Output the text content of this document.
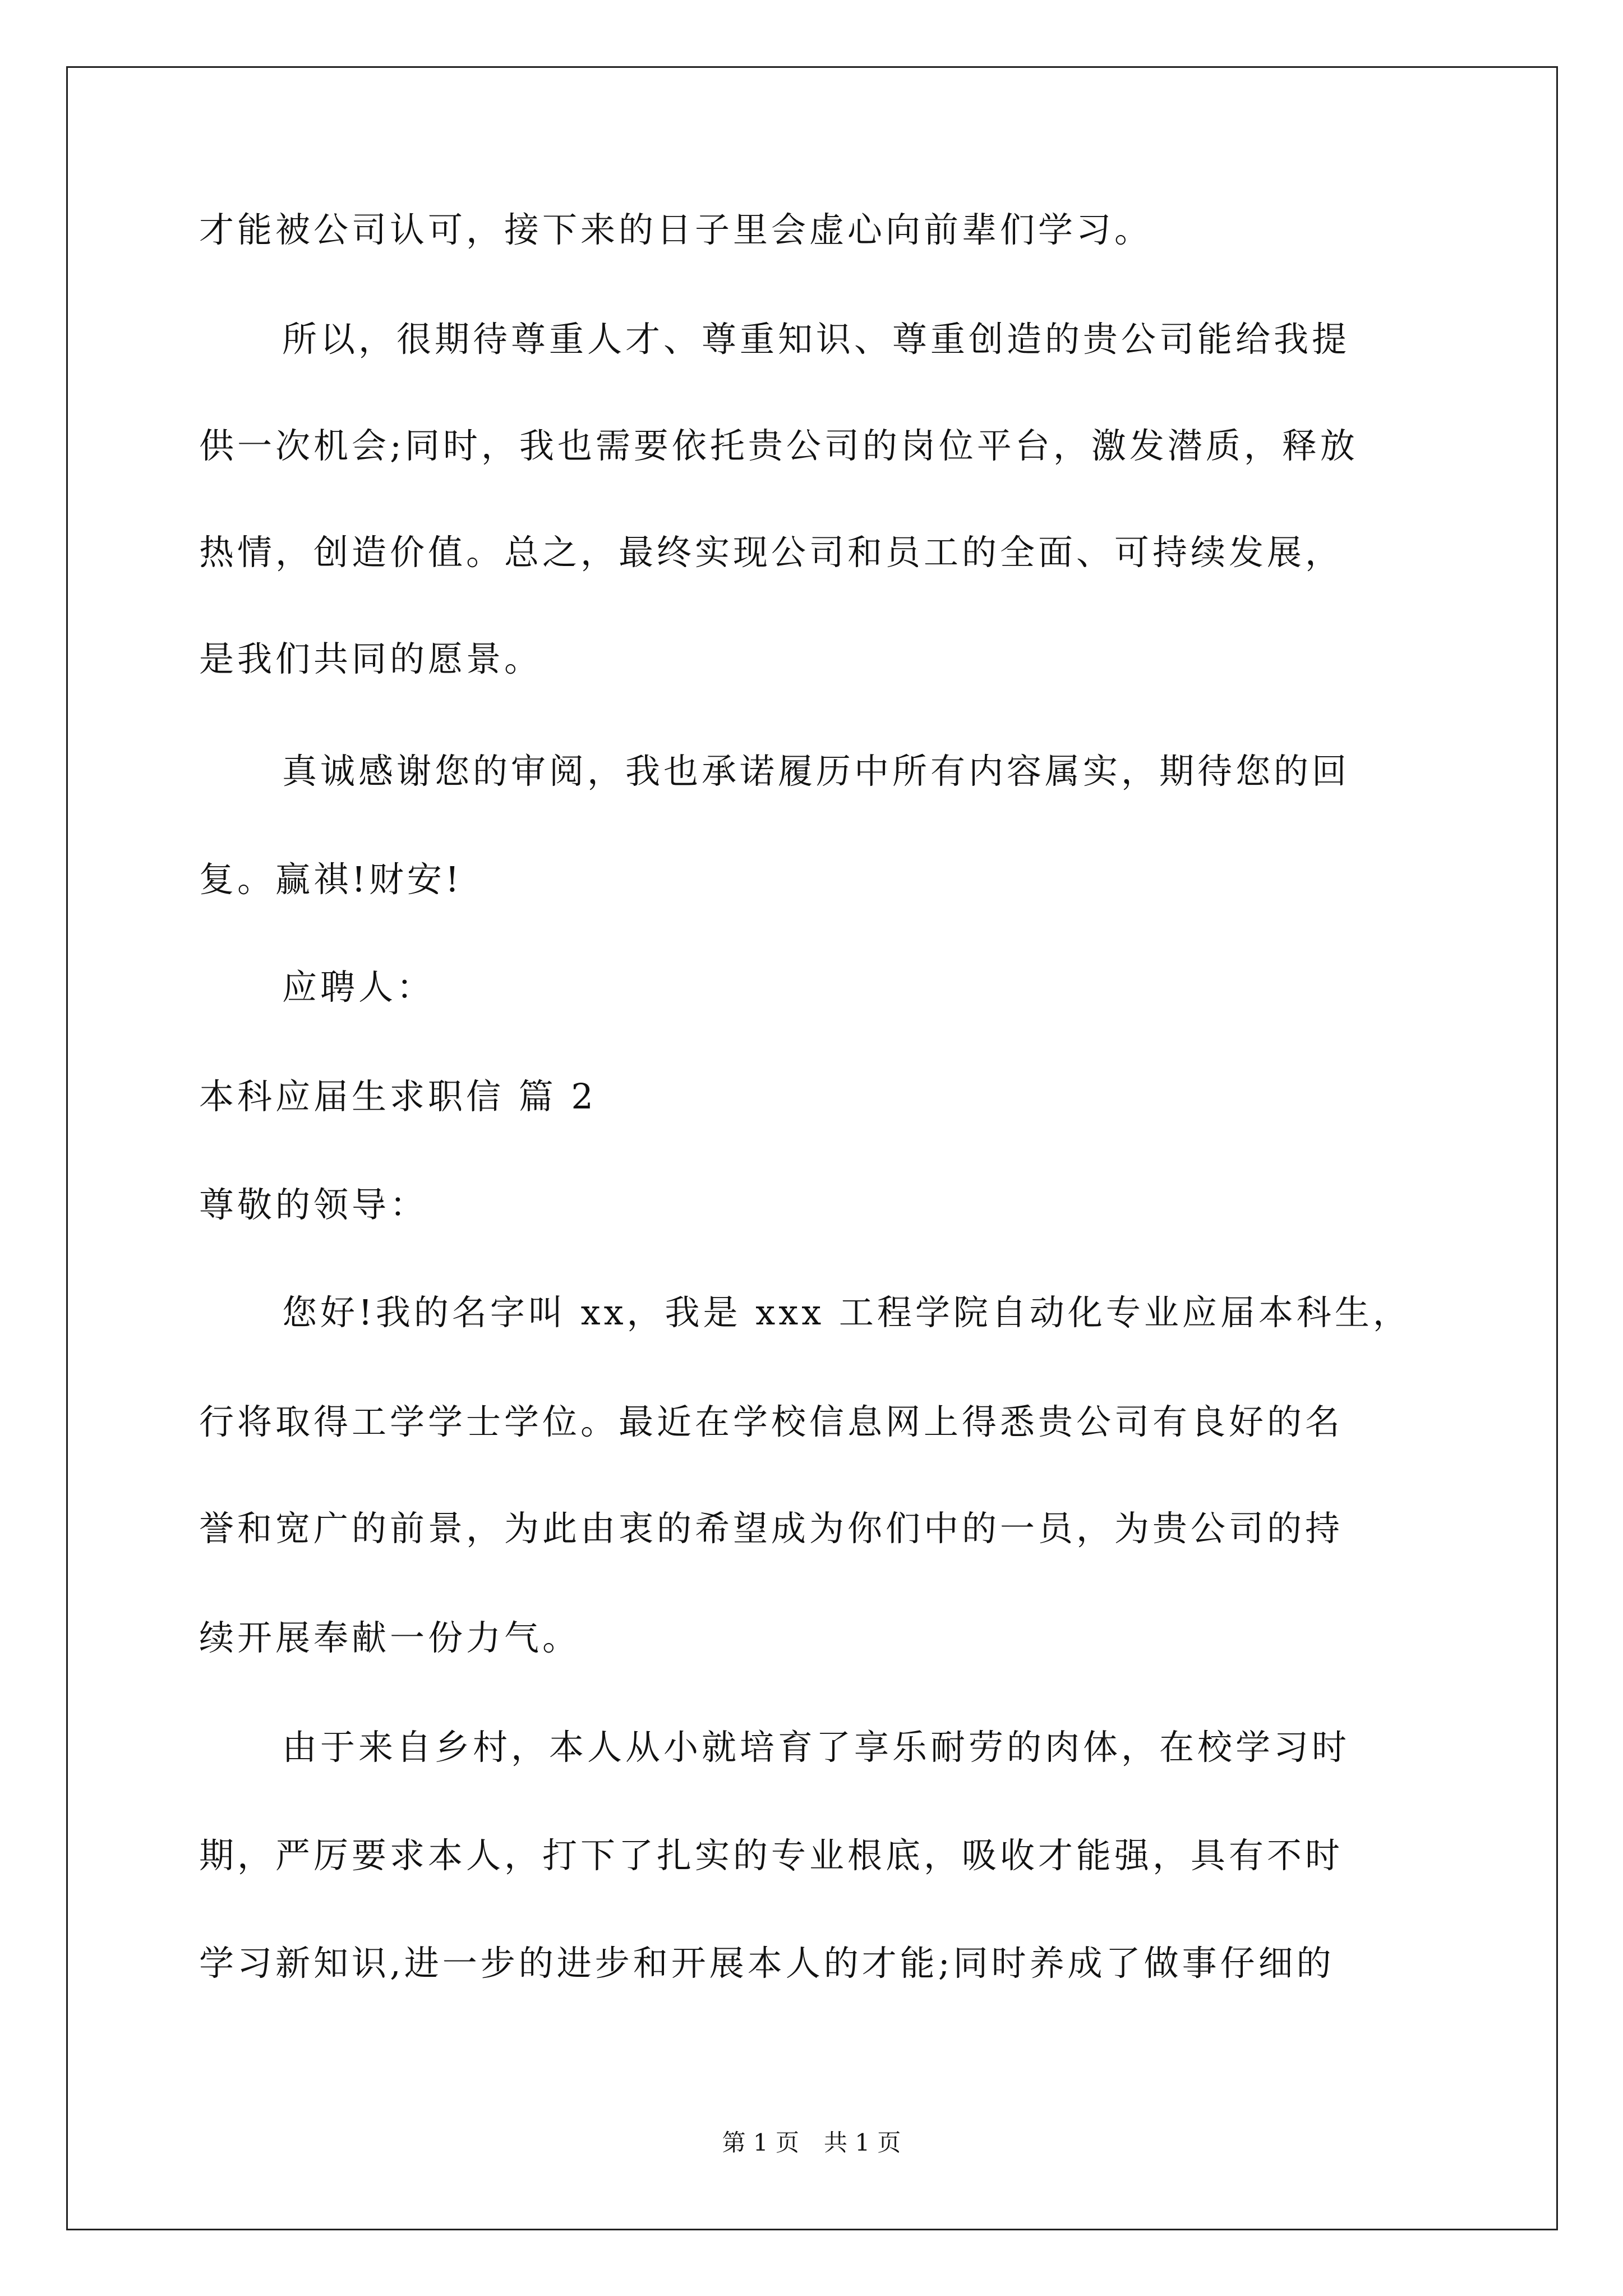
才能被公司认可，接下来的日子里会虚心向前辈们学习。
所以，很期待尊重人才、尊重知识、尊重创造的贵公司能给我提
供一次机会;同时，我也需要依托贵公司的岗位平台，激发潜质，释放
热情，创造价值。总之，最终实现公司和员工的全面、可持续发展，
是我们共同的愿景。
真诚感谢您的审阅，我也承诺履历中所有内容属实，期待您的回
复。赢祺!财安!
应聘人：
本科应届生求职信 篇 2
尊敬的领导：
您好!我的名字叫 xx，我是 xxx 工程学院自动化专业应届本科生，
行将取得工学学士学位。最近在学校信息网上得悉贵公司有良好的名
誉和宽广的前景，为此由衷的希望成为你们中的一员，为贵公司的持
续开展奉献一份力气。
由于来自乡村，本人从小就培育了享乐耐劳的肉体，在校学习时
期，严厉要求本人，打下了扎实的专业根底，吸收才能强，具有不时
学习新知识,进一步的进步和开展本人的才能;同时养成了做事仔细的
第 1 页 共 1 页
